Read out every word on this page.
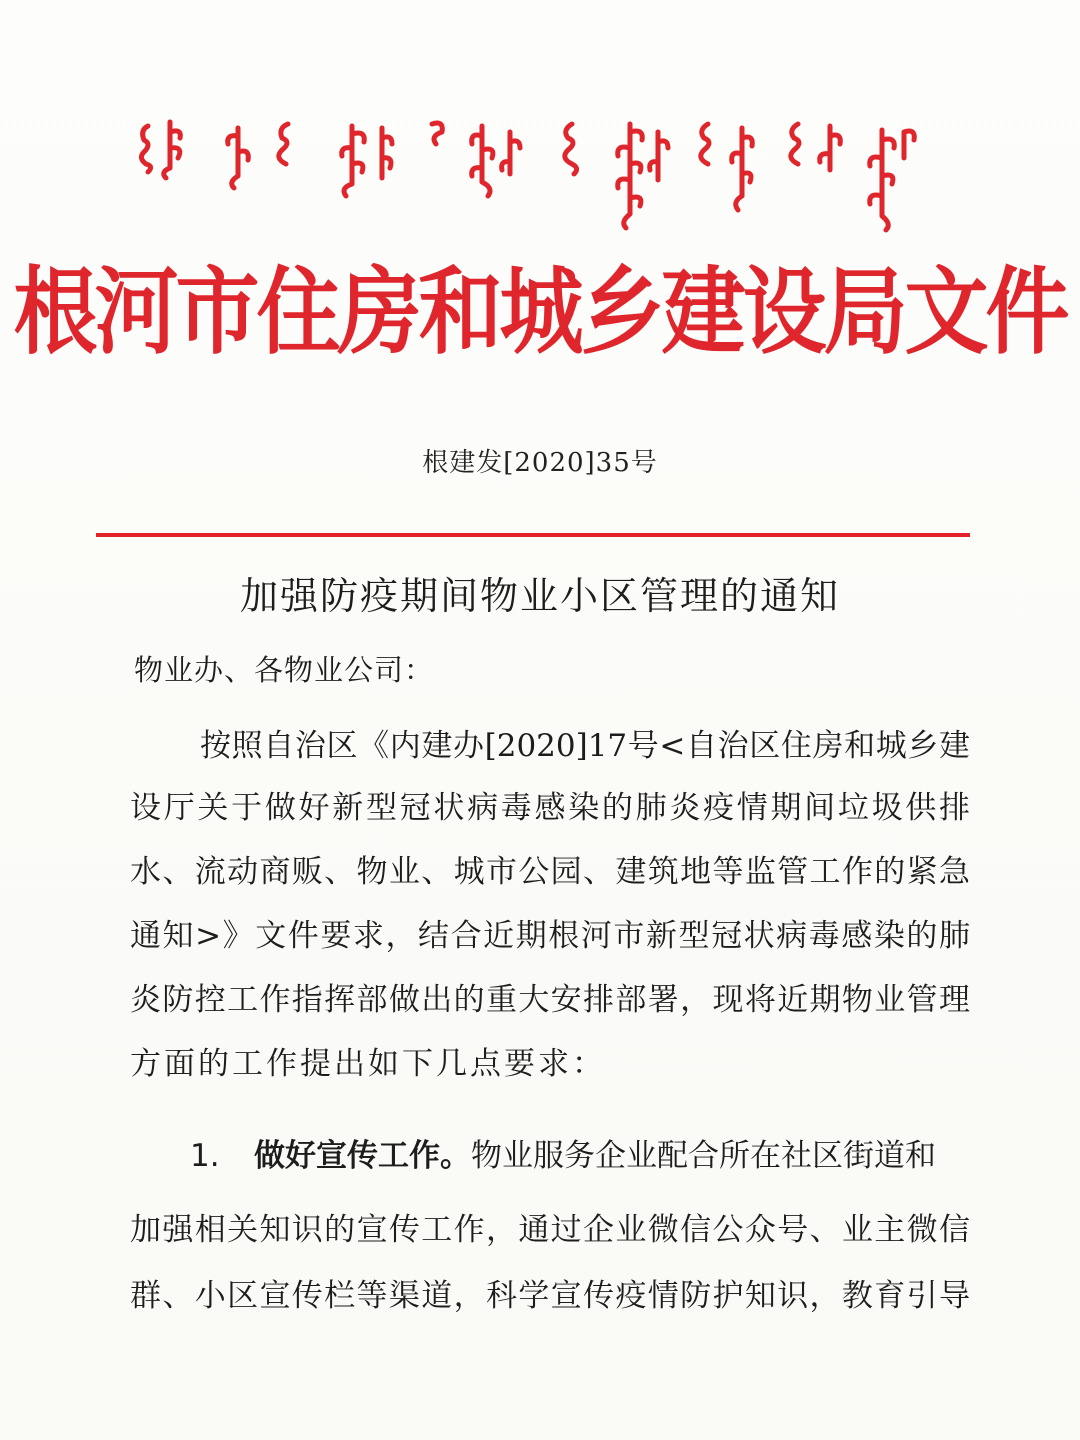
根河市住房和城乡建设局文件
根建发[2020]35号
加强防疫期间物业小区管理的通知
物业办、各物业公司：
按照自治区《内建办[2020]17号<自治区住房和城乡建
设厅关于做好新型冠状病毒感染的肺炎疫情期间垃圾供排
水、流动商贩、物业、城市公园、建筑地等监管工作的紧急
通知>》文件要求，结合近期根河市新型冠状病毒感染的肺
炎防控工作指挥部做出的重大安排部署，现将近期物业管理
方面的工作提出如下几点要求：
1. 做好宣传工作。物业服务企业配合所在社区街道和
加强相关知识的宣传工作，通过企业微信公众号、业主微信
群、小区宣传栏等渠道，科学宣传疫情防护知识，教育引导
